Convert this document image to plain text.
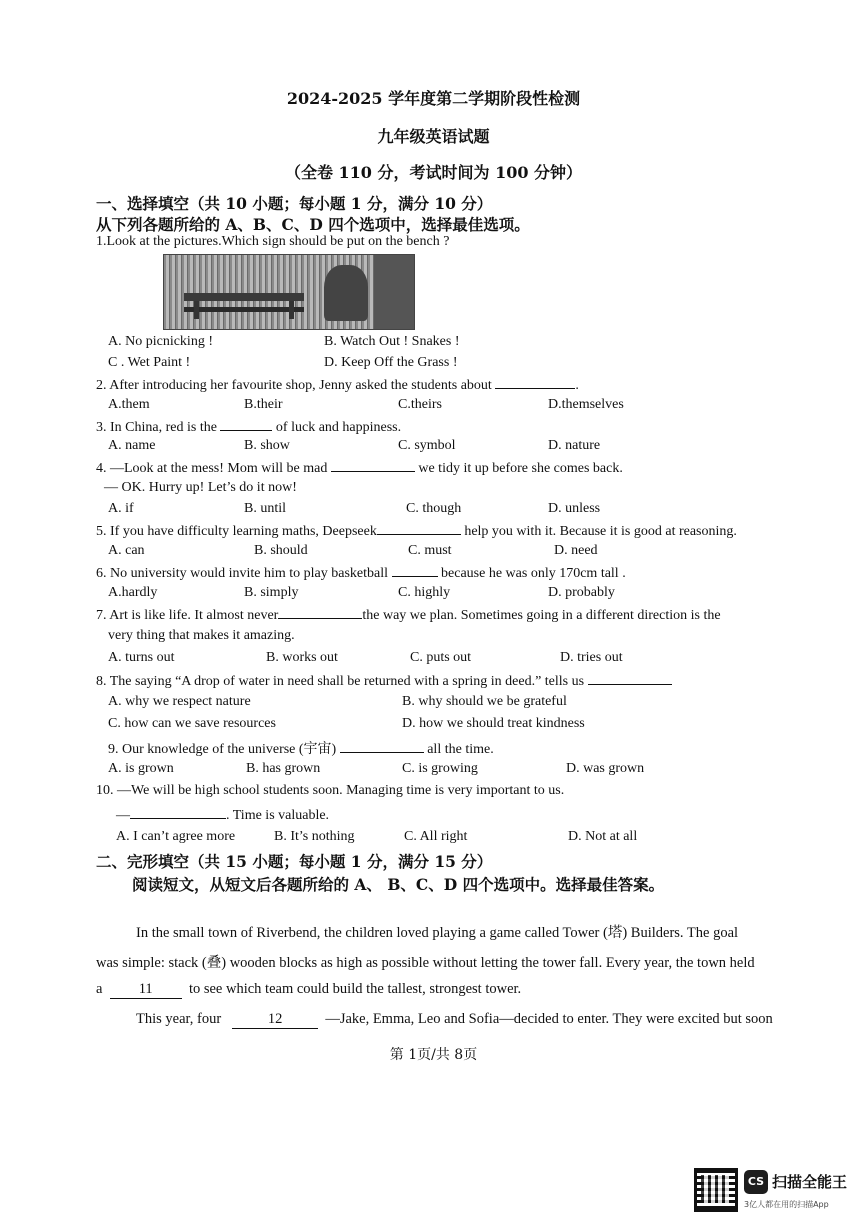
2024-2025 学年度第二学期阶段性检测
九年级英语试题
（全卷 110 分，考试时间为 100 分钟）
一、选择填空（共 10 小题；每小题 1 分，满分 10 分）
从下列各题所给的 A、B、C、D 四个选项中，选择最佳选项。
1.Look at the pictures.Which sign should be put on the bench ?
A. No picnicking !	B. Watch Out ! Snakes !
C . Wet Paint !	D. Keep Off the Grass !
2. After introducing her favourite shop, Jenny asked the students about	.
A.them	B.their	C.theirs	D.themselves
3. In China, red is the	of luck and happiness.
A. name	B. show	C. symbol	D. nature
4. —Look at the mess! Mom will be mad	we tidy it up before she comes back.
— OK. Hurry up! Let’s do it now!
A. if	B. until	C. though	D. unless
5. If you have difficulty learning maths, Deepseek	help you with it. Because it is good at reasoning.
A. can	B. should	C. must	D. need
6. No university would invite him to play basketball	because he was only 170cm tall .
A.hardly	B. simply	C. highly	D. probably
7. Art is like life. It almost never	the way we plan. Sometimes going in a different direction is the
very thing that makes it amazing.
A. turns out	B. works out	C. puts out	D. tries out
8. The saying “A drop of water in need shall be returned with a spring in deed.” tells us
A. why we respect nature	B. why should we be grateful
C. how can we save resources	D. how we should treat kindness
9. Our knowledge of the universe (宇宙)	all the time.
A. is grown	B. has grown	C. is growing	D. was grown
10. —We will be high school students soon. Managing time is very important to us.
—	. Time is valuable.
A. I can’t agree more	B. It’s nothing	C. All right	D. Not at all
二、完形填空（共 15 小题；每小题 1 分，满分 15 分）
阅读短文，从短文后各题所给的 A、 B、C、D 四个选项中。选择最佳答案。
In the small town of Riverbend, the children loved playing a game called Tower (塔) Builders. The goal
was simple: stack (叠) wooden blocks as high as possible without letting the tower fall. Every year, the town held
a	11	to see which team could build the tallest, strongest tower.
This year, four	12	—Jake, Emma, Leo and Sofia—decided to enter. They were excited but soon
第 1页/共 8页
CS 扫描全能王
3亿人都在用的扫描App
